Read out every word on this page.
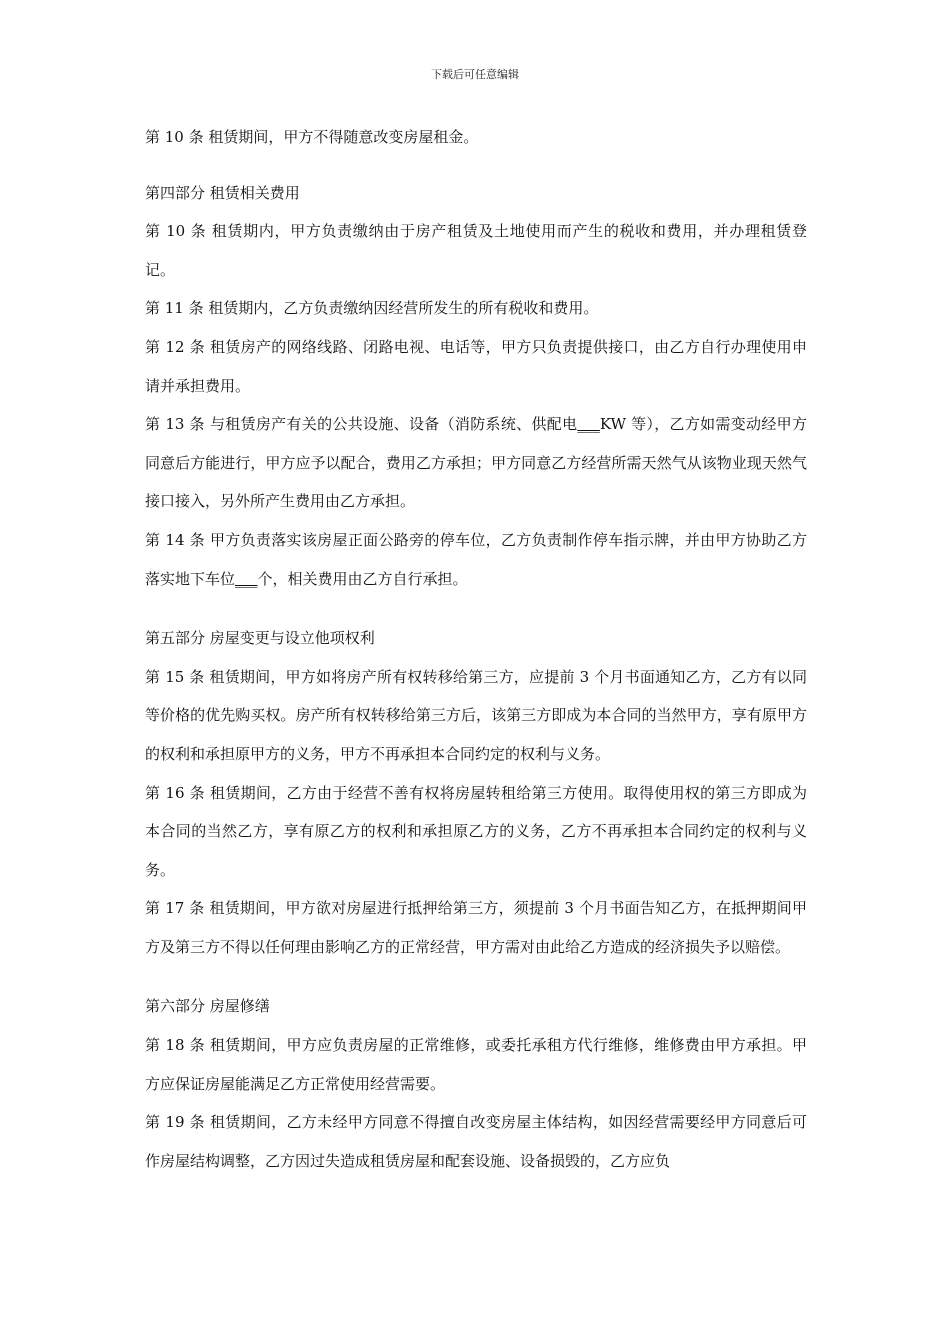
下载后可任意编辑

第 10 条 租赁期间，甲方不得随意改变房屋租金。

第四部分 租赁相关费用

第 10 条 租赁期内，甲方负责缴纳由于房产租赁及土地使用而产生的税收和费用，并办理租赁登记。

第 11 条 租赁期内，乙方负责缴纳因经营所发生的所有税收和费用。

第 12 条 租赁房产的网络线路、闭路电视、电话等，甲方只负责提供接口，由乙方自行办理使用申请并承担费用。

第 13 条 与租赁房产有关的公共设施、设备（消防系统、供配电___KW 等），乙方如需变动经甲方同意后方能进行，甲方应予以配合，费用乙方承担；甲方同意乙方经营所需天然气从该物业现天然气接口接入，另外所产生费用由乙方承担。

第 14 条 甲方负责落实该房屋正面公路旁的停车位，乙方负责制作停车指示牌，并由甲方协助乙方落实地下车位___个，相关费用由乙方自行承担。

第五部分 房屋变更与设立他项权利

第 15 条 租赁期间，甲方如将房产所有权转移给第三方，应提前 3 个月书面通知乙方，乙方有以同等价格的优先购买权。房产所有权转移给第三方后，该第三方即成为本合同的当然甲方，享有原甲方的权利和承担原甲方的义务，甲方不再承担本合同约定的权利与义务。

第 16 条 租赁期间，乙方由于经营不善有权将房屋转租给第三方使用。取得使用权的第三方即成为本合同的当然乙方，享有原乙方的权利和承担原乙方的义务，乙方不再承担本合同约定的权利与义务。

第 17 条 租赁期间，甲方欲对房屋进行抵押给第三方，须提前 3 个月书面告知乙方，在抵押期间甲方及第三方不得以任何理由影响乙方的正常经营，甲方需对由此给乙方造成的经济损失予以赔偿。

第六部分 房屋修缮

第 18 条 租赁期间，甲方应负责房屋的正常维修，或委托承租方代行维修，维修费由甲方承担。甲方应保证房屋能满足乙方正常使用经营需要。

第 19 条 租赁期间，乙方未经甲方同意不得擅自改变房屋主体结构，如因经营需要经甲方同意后可作房屋结构调整，乙方因过失造成租赁房屋和配套设施、设备损毁的，乙方应负
